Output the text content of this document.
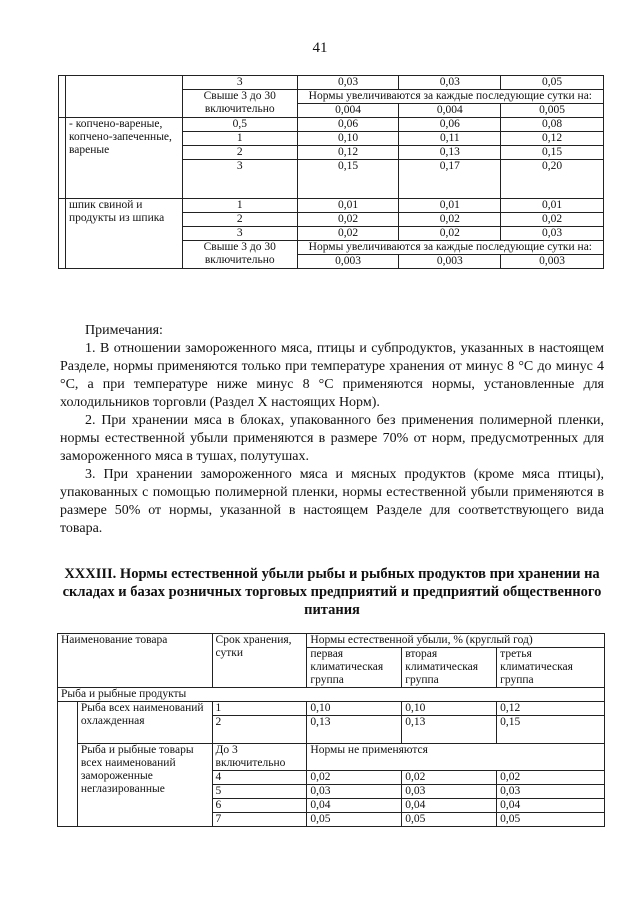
41
		3	0,03	0,03	0,05
		Свыше 3 до 30 включительно	Нормы увеличиваются за каждые последующие сутки на:		
			0,004	0,004	0,005
	- копчено-вареные, копчено-запеченные, вареные	0,5	0,06	0,06	0,08
		1	0,10	0,11	0,12
		2	0,12	0,13	0,15
		3	0,15	0,17	0,20
	шпик свиной и продукты из шпика	1	0,01	0,01	0,01
		2	0,02	0,02	0,02
		3	0,02	0,02	0,03
		Свыше 3 до 30 включительно	Нормы увеличиваются за каждые последующие сутки на:		
			0,003	0,003	0,003

Примечания:

1. В отношении замороженного мяса, птицы и субпродуктов, указанных в настоящем Разделе, нормы применяются только при температуре хранения от минус 8 °С до минус 4 °С, а при температуре ниже минус 8 °С применяются нормы, установленные для холодильников торговли (Раздел X настоящих Норм).

2. При хранении мяса в блоках, упакованного без применения полимерной пленки, нормы естественной убыли применяются в размере 70% от норм, предусмотренных для замороженного мяса в тушах, полутушах.

3. При хранении замороженного мяса и мясных продуктов (кроме мяса птицы), упакованных с помощью полимерной пленки, нормы естественной убыли применяются в размере 50% от нормы, указанной в настоящем Разделе для соответствующего вида товара.

XXXIII. Нормы естественной убыли рыбы и рыбных продуктов при хранении на складах и базах розничных торговых предприятий и предприятий общественного питания
Наименование товара		Срок хранения, сутки	Нормы естественной убыли, % (круглый год)		
			первая климатическая группа	вторая климатическая группа	третья климатическая группа
Рыба и рыбные продукты					
	Рыба всех наименований охлажденная	1	0,10	0,10	0,12
		2	0,13	0,13	0,15
	Рыба и рыбные товары всех наименований замороженные неглазированные	До 3 включительно	Нормы не применяются		
		4	0,02	0,02	0,02
		5	0,03	0,03	0,03
		6	0,04	0,04	0,04
		7	0,05	0,05	0,05
